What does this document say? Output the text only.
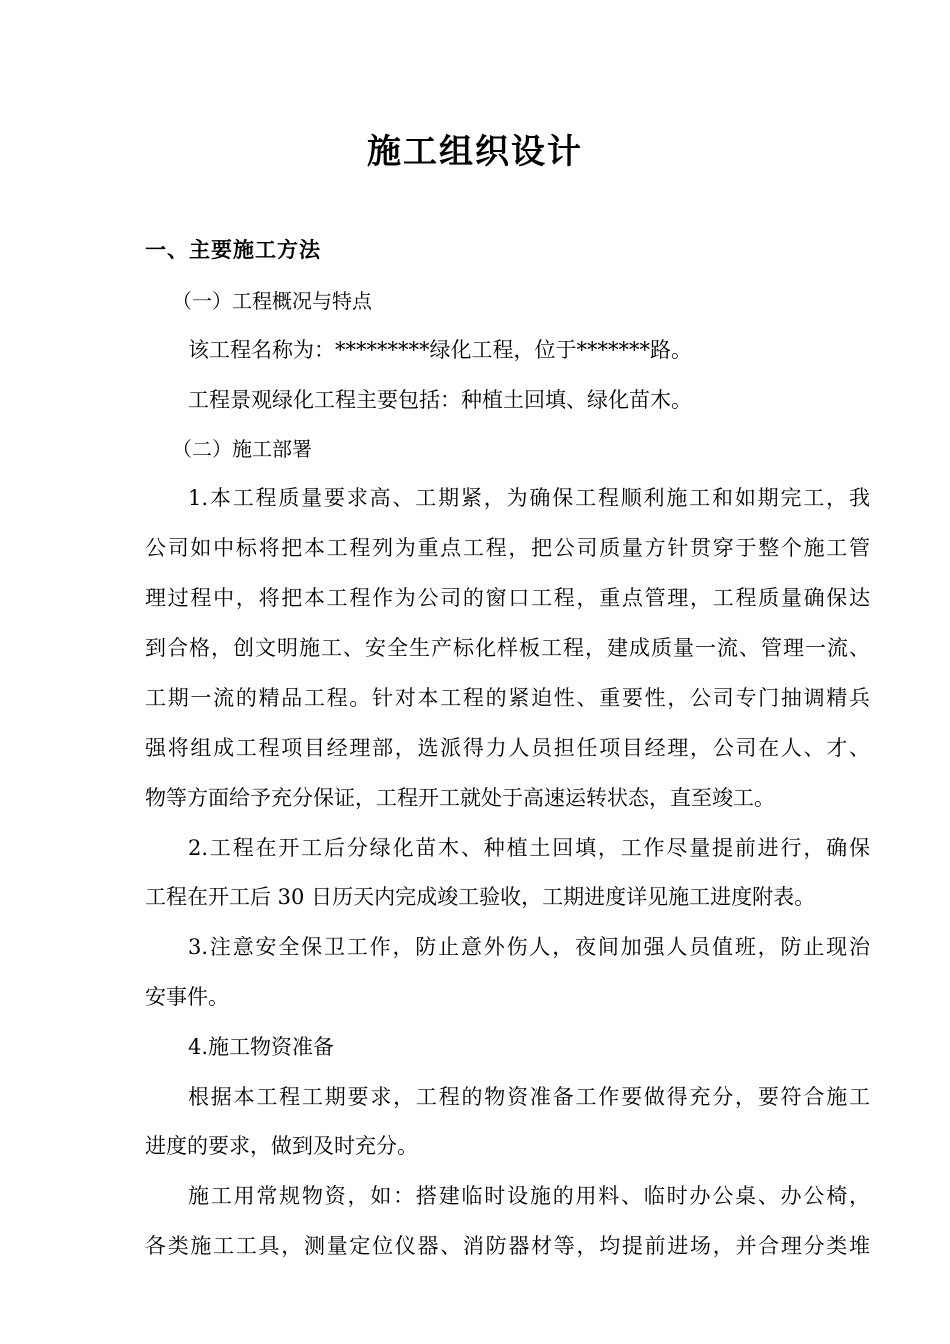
施工组织设计
一、主要施工方法
（一）工程概况与特点
该工程名称为：*********绿化工程，位于*******路。
工程景观绿化工程主要包括：种植土回填、绿化苗木。
（二）施工部署
1.本工程质量要求高、工期紧，为确保工程顺利施工和如期完工，我
公司如中标将把本工程列为重点工程，把公司质量方针贯穿于整个施工管
理过程中，将把本工程作为公司的窗口工程，重点管理，工程质量确保达
到合格，创文明施工、安全生产标化样板工程，建成质量一流、管理一流、
工期一流的精品工程。针对本工程的紧迫性、重要性，公司专门抽调精兵
强将组成工程项目经理部，选派得力人员担任项目经理，公司在人、才、
物等方面给予充分保证，工程开工就处于高速运转状态，直至竣工。
2.工程在开工后分绿化苗木、种植土回填，工作尽量提前进行，确保
工程在开工后 30 日历天内完成竣工验收，工期进度详见施工进度附表。
3.注意安全保卫工作，防止意外伤人，夜间加强人员值班，防止现治
安事件。
4.施工物资准备
根据本工程工期要求，工程的物资准备工作要做得充分，要符合施工
进度的要求，做到及时充分。
施工用常规物资，如：搭建临时设施的用料、临时办公桌、办公椅，
各类施工工具，测量定位仪器、消防器材等，均提前进场，并合理分类堆
